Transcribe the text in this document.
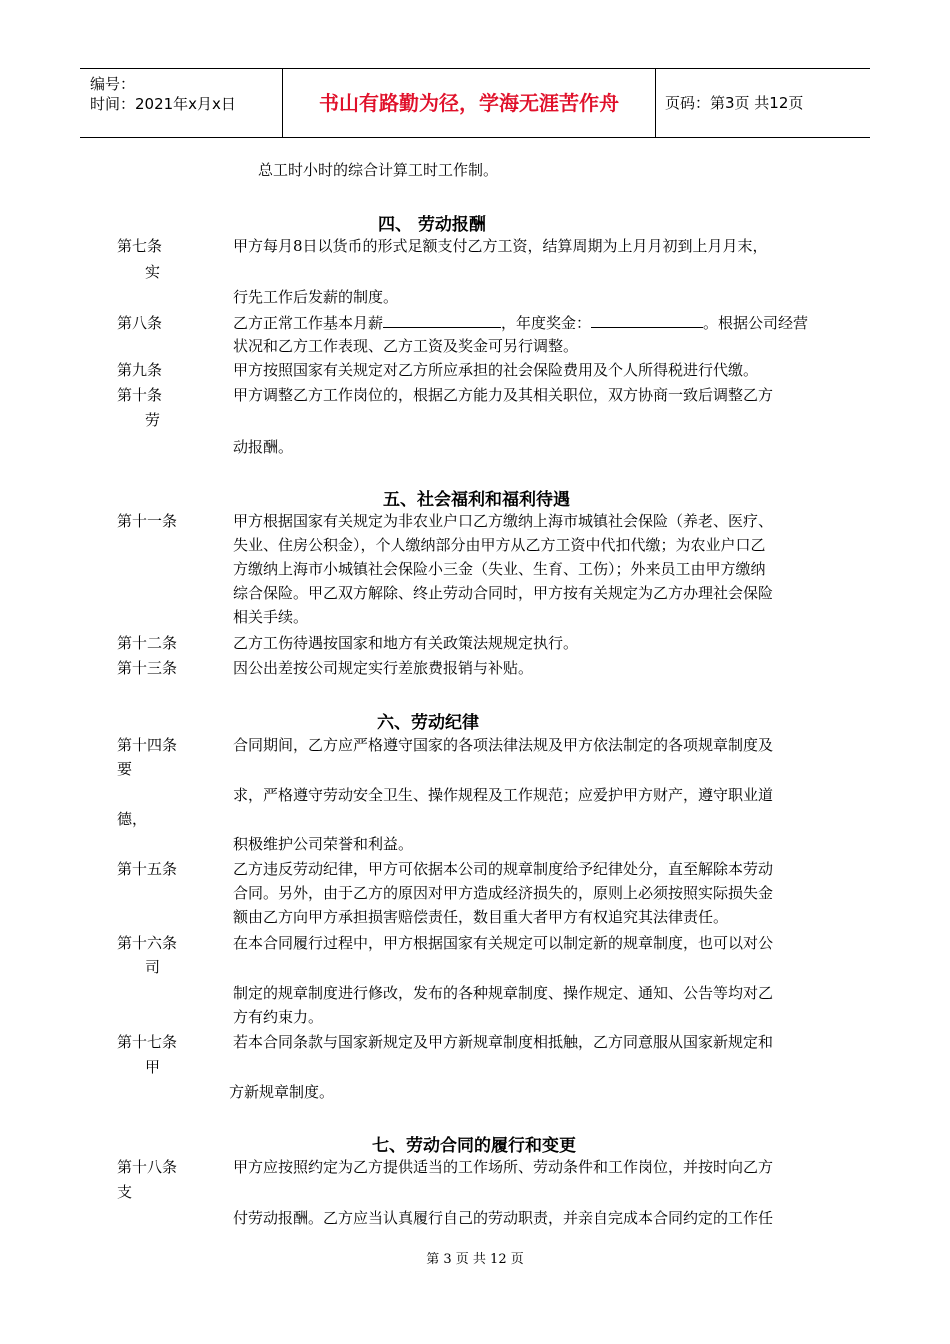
编号：
时间：2021年x月x日	书山有路勤为径，学海无涯苦作舟	页码：第3页 共12页
总工时小时的综合计算工时工作制。
四、 劳动报酬
第七条	甲方每月8日以货币的形式足额支付乙方工资，结算周期为上月月初到上月月末，
实
行先工作后发薪的制度。
第八条	乙方正常工作基本月薪	，年度奖金：	。根据公司经营
状况和乙方工作表现、乙方工资及奖金可另行调整。
第九条	甲方按照国家有关规定对乙方所应承担的社会保险费用及个人所得税进行代缴。
第十条	甲方调整乙方工作岗位的，根据乙方能力及其相关职位，双方协商一致后调整乙方
劳
动报酬。
五、社会福利和福利待遇
第十一条	甲方根据国家有关规定为非农业户口乙方缴纳上海市城镇社会保险（养老、医疗、
失业、住房公积金），个人缴纳部分由甲方从乙方工资中代扣代缴；为农业户口乙
方缴纳上海市小城镇社会保险小三金（失业、生育、工伤）；外来员工由甲方缴纳
综合保险。甲乙双方解除、终止劳动合同时，甲方按有关规定为乙方办理社会保险
相关手续。
第十二条	乙方工伤待遇按国家和地方有关政策法规规定执行。
第十三条	因公出差按公司规定实行差旅费报销与补贴。
六、劳动纪律
第十四条	合同期间，乙方应严格遵守国家的各项法律法规及甲方依法制定的各项规章制度及
要
求，严格遵守劳动安全卫生、操作规程及工作规范；应爱护甲方财产，遵守职业道
德，
积极维护公司荣誉和利益。
第十五条	乙方违反劳动纪律，甲方可依据本公司的规章制度给予纪律处分，直至解除本劳动
合同。另外，由于乙方的原因对甲方造成经济损失的，原则上必须按照实际损失金
额由乙方向甲方承担损害赔偿责任，数目重大者甲方有权追究其法律责任。
第十六条	在本合同履行过程中，甲方根据国家有关规定可以制定新的规章制度，也可以对公
司
制定的规章制度进行修改，发布的各种规章制度、操作规定、通知、公告等均对乙
方有约束力。
第十七条	若本合同条款与国家新规定及甲方新规章制度相抵触，乙方同意服从国家新规定和
甲
方新规章制度。
七、劳动合同的履行和变更
第十八条	甲方应按照约定为乙方提供适当的工作场所、劳动条件和工作岗位，并按时向乙方
支
付劳动报酬。乙方应当认真履行自己的劳动职责，并亲自完成本合同约定的工作任
第 3 页 共 12 页
